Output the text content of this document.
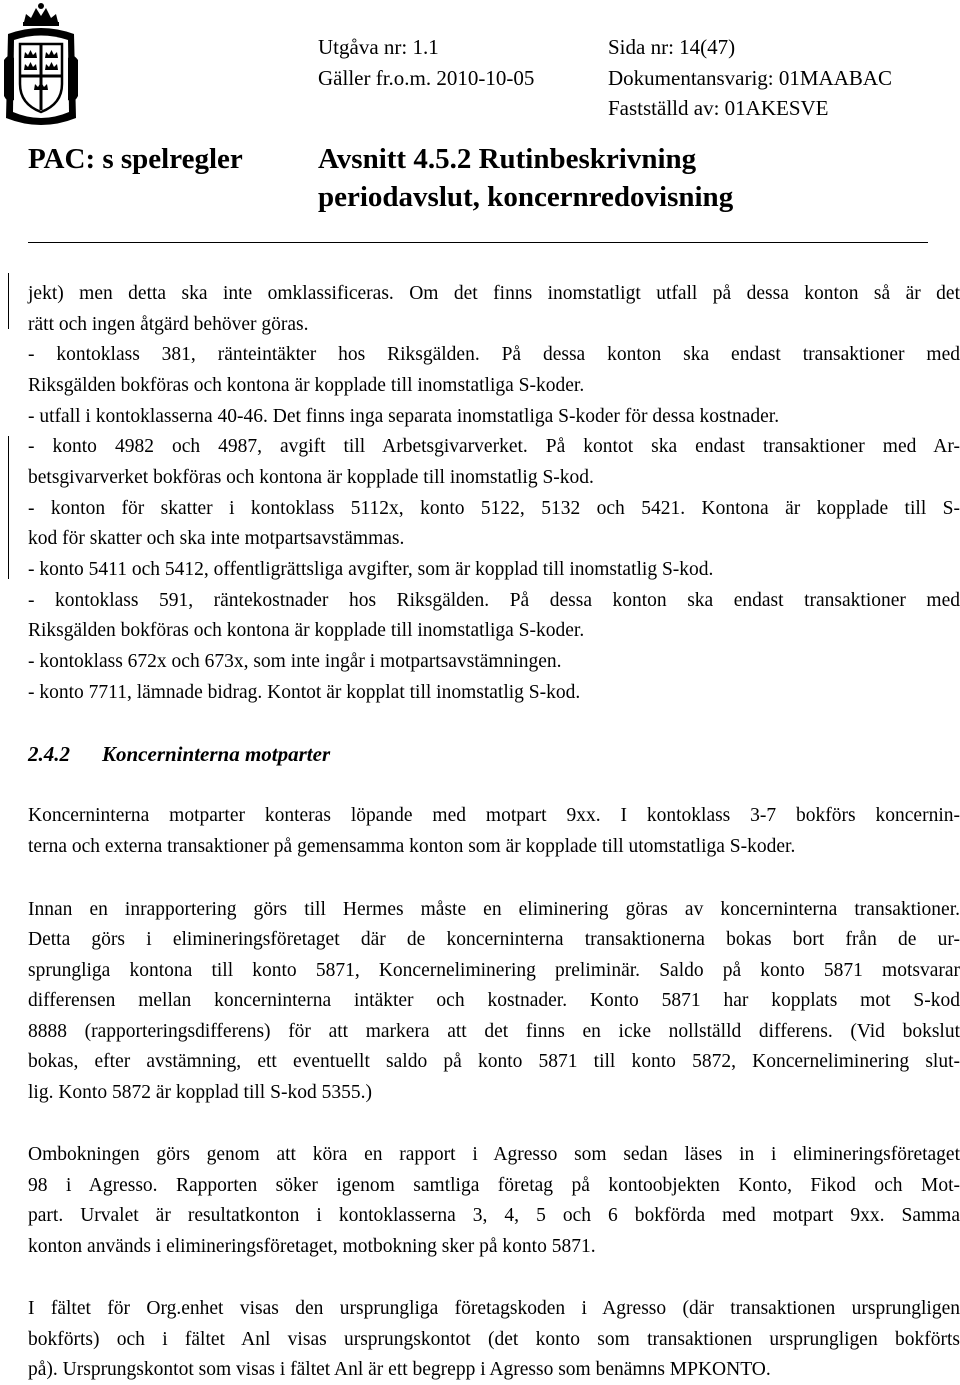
Utgåva nr: 1.1
Gäller fr.o.m. 2010-10-05
Sida nr: 14(47)
Dokumentansvarig: 01MAABAC
Fastställd av: 01AKESVE
PAC: s spelregler	Avsnitt 4.5.2 Rutinbeskrivning
periodavslut, koncernredovisning
jekt) men detta ska inte omklassificeras. Om det finns inomstatligt utfall på dessa konton så är det
rätt och ingen åtgärd behöver göras.
- kontoklass 381, ränteintäkter hos Riksgälden. På dessa konton ska endast transaktioner med
Riksgälden bokföras och kontona är kopplade till inomstatliga S-koder.
- utfall i kontoklasserna 40-46. Det finns inga separata inomstatliga S-koder för dessa kostnader.
- konto 4982 och 4987, avgift till Arbetsgivarverket. På kontot ska endast transaktioner med Ar-
betsgivarverket bokföras och kontona är kopplade till inomstatlig S-kod.
- konton för skatter i kontoklass 5112x, konto 5122, 5132 och 5421. Kontona är kopplade till S-
kod för skatter och ska inte motpartsavstämmas.
- konto 5411 och 5412, offentligrättsliga avgifter, som är kopplad till inomstatlig S-kod.
- kontoklass 591, räntekostnader hos Riksgälden. På dessa konton ska endast transaktioner med
Riksgälden bokföras och kontona är kopplade till inomstatliga S-koder.
- kontoklass 672x och 673x, som inte ingår i motpartsavstämningen.
- konto 7711, lämnade bidrag. Kontot är kopplat till inomstatlig S-kod.
2.4.2 Koncerninterna motparter
Koncerninterna motparter konteras löpande med motpart 9xx. I kontoklass 3-7 bokförs koncernin-
terna och externa transaktioner på gemensamma konton som är kopplade till utomstatliga S-koder.
Innan en inrapportering görs till Hermes måste en eliminering göras av koncerninterna transaktioner.
Detta görs i elimineringsföretaget där de koncerninterna transaktionerna bokas bort från de ur-
sprungliga kontona till konto 5871, Koncerneliminering preliminär. Saldo på konto 5871 motsvarar
differensen mellan koncerninterna intäkter och kostnader. Konto 5871 har kopplats mot S-kod
8888 (rapporteringsdifferens) för att markera att det finns en icke nollställd differens. (Vid bokslut
bokas, efter avstämning, ett eventuellt saldo på konto 5871 till konto 5872, Koncerneliminering slut-
lig. Konto 5872 är kopplad till S-kod 5355.)
Ombokningen görs genom att köra en rapport i Agresso som sedan läses in i elimineringsföretaget
98 i Agresso. Rapporten söker igenom samtliga företag på kontoobjekten Konto, Fikod och Mot-
part. Urvalet är resultatkonton i kontoklasserna 3, 4, 5 och 6 bokförda med motpart 9xx. Samma
konton används i elimineringsföretaget, motbokning sker på konto 5871.
I fältet för Org.enhet visas den ursprungliga företagskoden i Agresso (där transaktionen ursprungligen
bokförts) och i fältet Anl visas ursprungskontot (det konto som transaktionen ursprungligen bokförts
på). Ursprungskontot som visas i fältet Anl är ett begrepp i Agresso som benämns MPKONTO.
